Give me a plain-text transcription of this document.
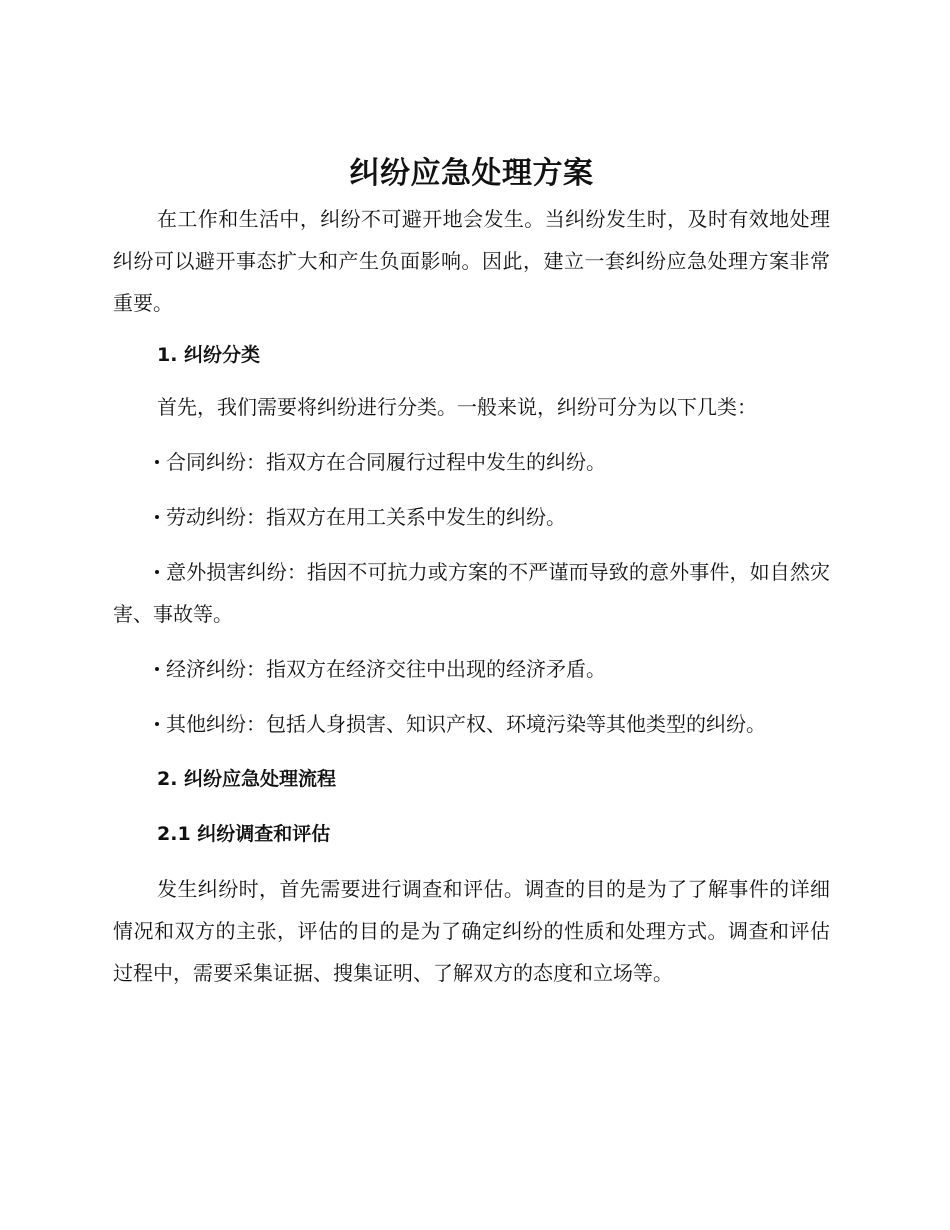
纠纷应急处理方案

在工作和生活中，纠纷不可避开地会发生。当纠纷发生时，及时有效地处理纠纷可以避开事态扩大和产生负面影响。因此，建立一套纠纷应急处理方案非常重要。

1. 纠纷分类

首先，我们需要将纠纷进行分类。一般来说，纠纷可分为以下几类：

合同纠纷：指双方在合同履行过程中发生的纠纷。

劳动纠纷：指双方在用工关系中发生的纠纷。

意外损害纠纷：指因不可抗力或方案的不严谨而导致的意外事件，如自然灾害、事故等。

经济纠纷：指双方在经济交往中出现的经济矛盾。

其他纠纷：包括人身损害、知识产权、环境污染等其他类型的纠纷。

2. 纠纷应急处理流程
2.1 纠纷调查和评估

发生纠纷时，首先需要进行调查和评估。调查的目的是为了了解事件的详细情况和双方的主张，评估的目的是为了确定纠纷的性质和处理方式。调查和评估过程中，需要采集证据、搜集证明、了解双方的态度和立场等。
